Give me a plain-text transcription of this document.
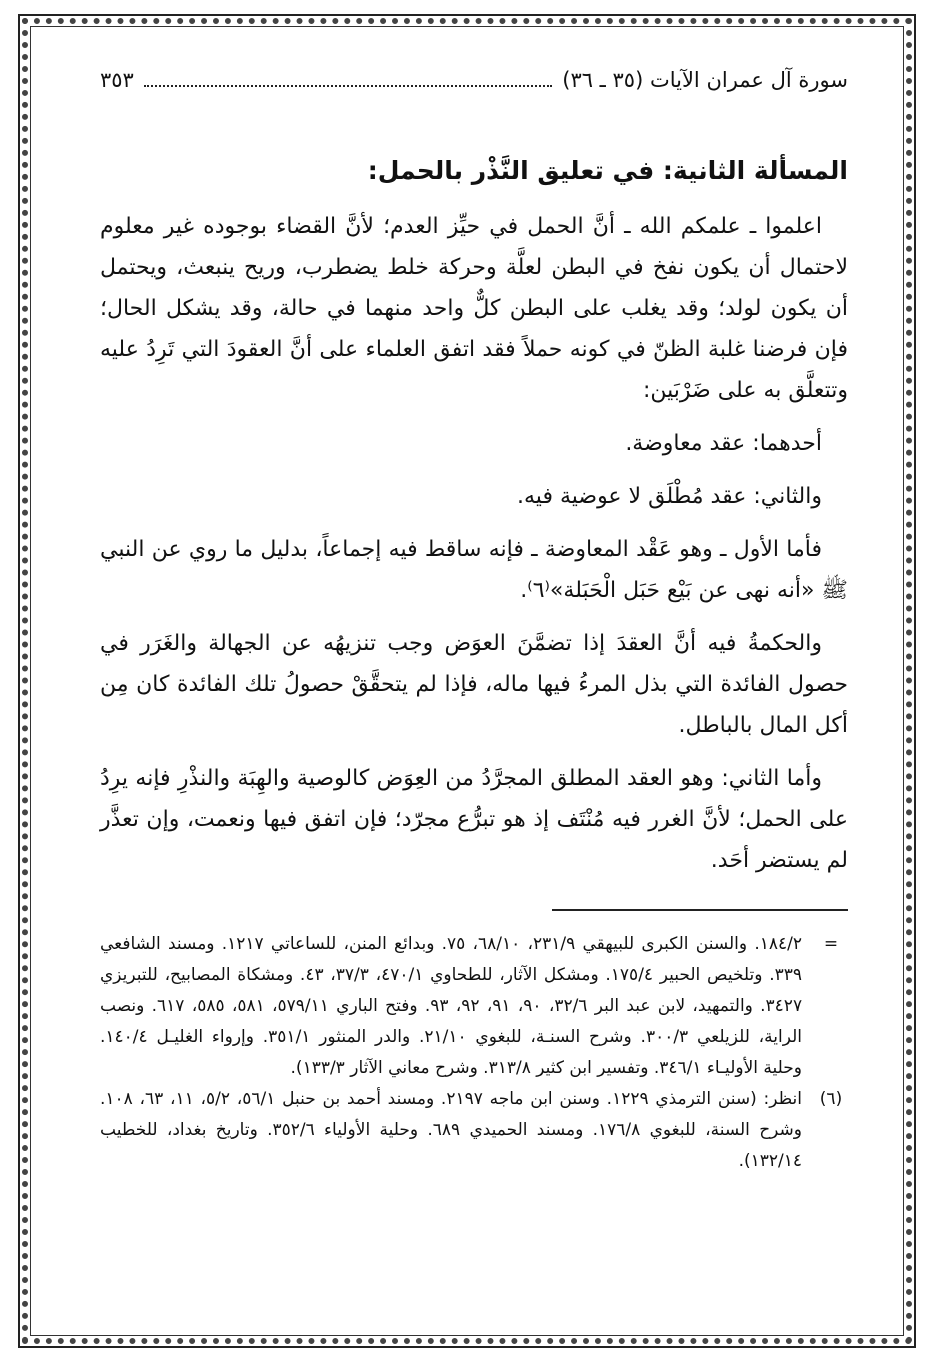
سورة آل عمران الآيات (٣٥ ـ ٣٦)
٣٥٣
المسألة الثانية: في تعليق النَّذْر بالحمل:

اعلموا ـ علمكم الله ـ أنَّ الحمل في حيِّز العدم؛ لأنَّ القضاء بوجوده غير معلوم لاحتمال أن يكون نفخ في البطن لعلَّة وحركة خلط يضطرب، وريح ينبعث، ويحتمل أن يكون لولد؛ وقد يغلب على البطن كلٌّ واحد منهما في حالة، وقد يشكل الحال؛ فإن فرضنا غلبة الظنّ في كونه حملاً فقد اتفق العلماء على أنَّ العقودَ التي تَرِدُ عليه وتتعلَّق به على ضَرْبَين:

أحدهما: عقد معاوضة.

والثاني: عقد مُطْلَق لا عوضية فيه.

فأما الأول ـ وهو عَقْد المعاوضة ـ فإنه ساقط فيه إجماعاً، بدليل ما روي عن النبي ﷺ «أنه نهى عن بَيْع حَبَل الْحَبَلة»⁽٦⁾.

والحكمةُ فيه أنَّ العقدَ إذا تضمَّنَ العوَض وجب تنزيهُه عن الجهالة والغَرَر في حصول الفائدة التي بذل المرءُ فيها ماله، فإذا لم يتحقَّقْ حصولُ تلك الفائدة كان مِن أكل المال بالباطل.

وأما الثاني: وهو العقد المطلق المجرَّدُ من العِوَض كالوصية والهِبَة والنذْرِ فإنه يرِدُ على الحمل؛ لأنَّ الغرر فيه مُنْتَف إذ هو تبرُّع مجرّد؛ فإن اتفق فيها ونعمت، وإن تعذَّر لم يستضر أحَد.

=
١٨٤/٢. والسنن الكبرى للبيهقي ٢٣١/٩، ٦٨/١٠، ٧٥. وبدائع المنن، للساعاتي ١٢١٧. ومسند الشافعي ٣٣٩. وتلخيص الحبير ١٧٥/٤. ومشكل الآثار، للطحاوي ٤٧٠/١، ٣٧/٣، ٤٣. ومشكاة المصابيح، للتبريزي ٣٤٢٧. والتمهيد، لابن عبد البر ٣٢/٦، ٩٠، ٩١، ٩٢، ٩٣. وفتح الباري ٥٧٩/١١، ٥٨١، ٥٨٥، ٦١٧. ونصب الراية، للزيلعي ٣٠٠/٣. وشرح السنـة، للبغوي ٢١/١٠. والدر المنثور ٣٥١/١. وإرواء الغليـل ١٤٠/٤. وحلية الأوليـاء ٣٤٦/١. وتفسير ابن كثير ٣١٣/٨. وشرح معاني الآثار ١٣٣/٣).

(٦)
انظر: (سنن الترمذي ١٢٢٩. وسنن ابن ماجه ٢١٩٧. ومسند أحمد بن حنبل ٥٦/١، ٥/٢، ١١، ٦٣، ١٠٨. وشرح السنة، للبغوي ١٧٦/٨. ومسند الحميدي ٦٨٩. وحلية الأولياء ٣٥٢/٦. وتاريخ بغداد، للخطيب ١٣٢/١٤).
